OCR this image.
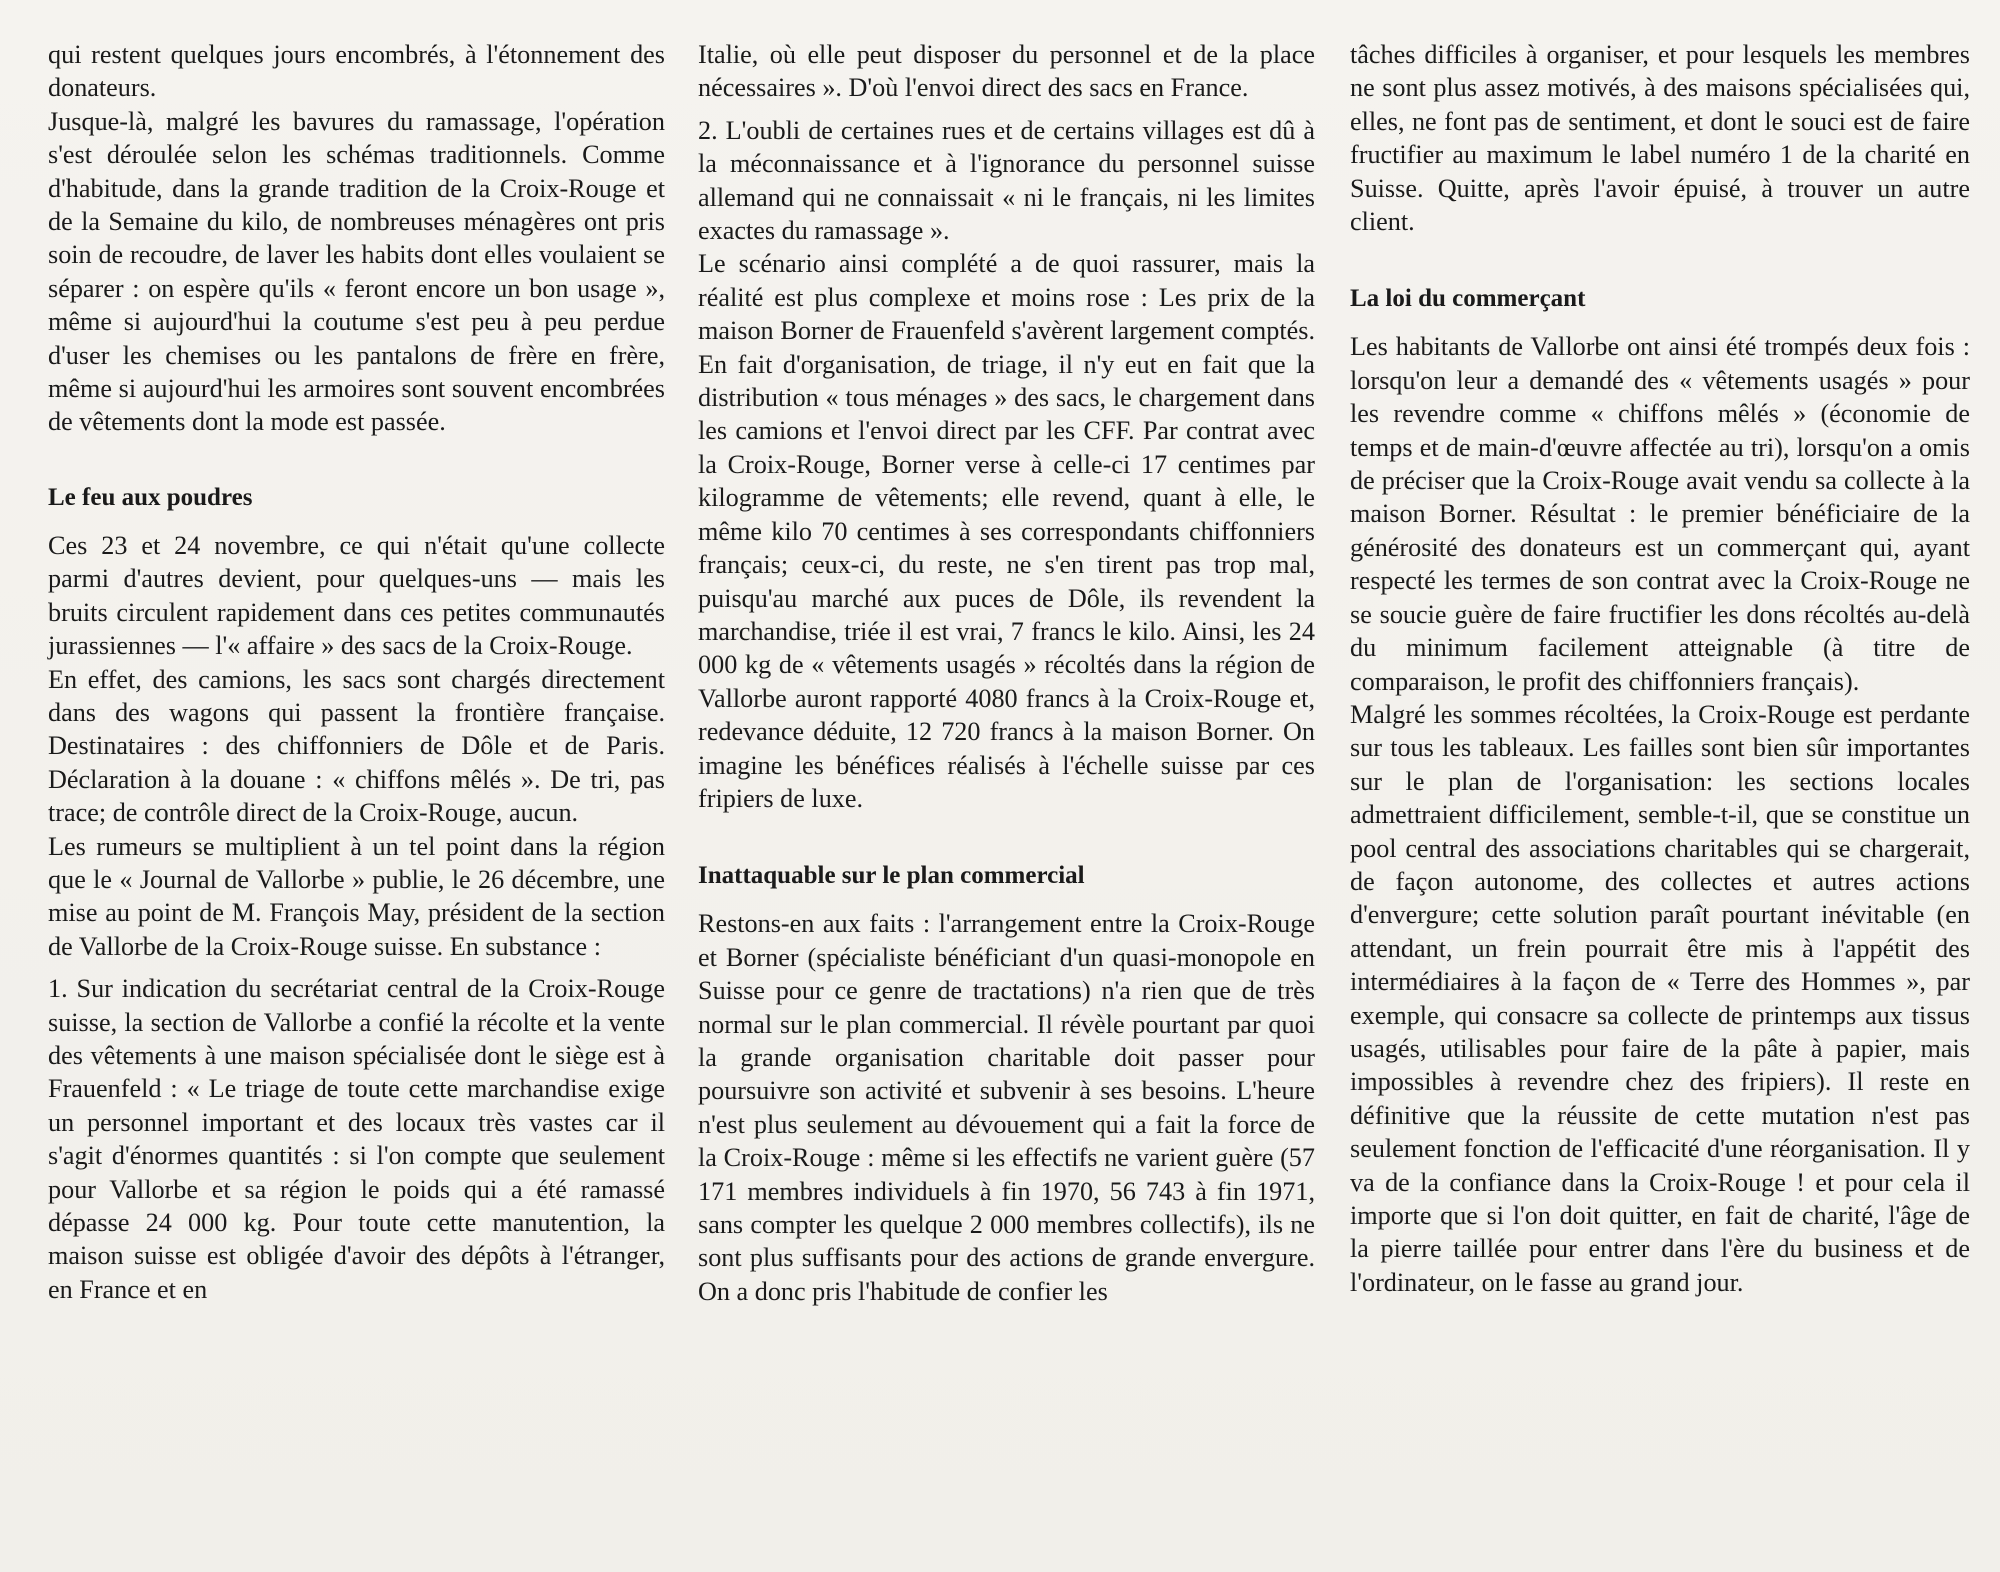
qui restent quelques jours encombrés, à l'étonnement des donateurs.

Jusque-là, malgré les bavures du ramassage, l'opération s'est déroulée selon les schémas traditionnels. Comme d'habitude, dans la grande tradition de la Croix-Rouge et de la Semaine du kilo, de nombreuses ménagères ont pris soin de recoudre, de laver les habits dont elles voulaient se séparer : on espère qu'ils « feront encore un bon usage », même si aujourd'hui la coutume s'est peu à peu perdue d'user les chemises ou les pantalons de frère en frère, même si aujourd'hui les armoires sont souvent encombrées de vêtements dont la mode est passée.

Le feu aux poudres

Ces 23 et 24 novembre, ce qui n'était qu'une collecte parmi d'autres devient, pour quelques-uns — mais les bruits circulent rapidement dans ces petites communautés jurassiennes — l'« affaire » des sacs de la Croix-Rouge.

En effet, des camions, les sacs sont chargés directement dans des wagons qui passent la frontière française. Destinataires : des chiffonniers de Dôle et de Paris. Déclaration à la douane : « chiffons mêlés ». De tri, pas trace; de contrôle direct de la Croix-Rouge, aucun.

Les rumeurs se multiplient à un tel point dans la région que le « Journal de Vallorbe » publie, le 26 décembre, une mise au point de M. François May, président de la section de Vallorbe de la Croix-Rouge suisse. En substance :

1. Sur indication du secrétariat central de la Croix-Rouge suisse, la section de Vallorbe a confié la récolte et la vente des vêtements à une maison spécialisée dont le siège est à Frauenfeld : « Le triage de toute cette marchandise exige un personnel important et des locaux très vastes car il s'agit d'énormes quantités : si l'on compte que seulement pour Vallorbe et sa région le poids qui a été ramassé dépasse 24 000 kg. Pour toute cette manutention, la maison suisse est obligée d'avoir des dépôts à l'étranger, en France et en

Italie, où elle peut disposer du personnel et de la place nécessaires ». D'où l'envoi direct des sacs en France.

2. L'oubli de certaines rues et de certains villages est dû à la méconnaissance et à l'ignorance du personnel suisse allemand qui ne connaissait « ni le français, ni les limites exactes du ramassage ».

Le scénario ainsi complété a de quoi rassurer, mais la réalité est plus complexe et moins rose : Les prix de la maison Borner de Frauenfeld s'avèrent largement comptés. En fait d'organisation, de triage, il n'y eut en fait que la distribution « tous ménages » des sacs, le chargement dans les camions et l'envoi direct par les CFF. Par contrat avec la Croix-Rouge, Borner verse à celle-ci 17 centimes par kilogramme de vêtements; elle revend, quant à elle, le même kilo 70 centimes à ses correspondants chiffonniers français; ceux-ci, du reste, ne s'en tirent pas trop mal, puisqu'au marché aux puces de Dôle, ils revendent la marchandise, triée il est vrai, 7 francs le kilo. Ainsi, les 24 000 kg de « vêtements usagés » récoltés dans la région de Vallorbe auront rapporté 4080 francs à la Croix-Rouge et, redevance déduite, 12 720 francs à la maison Borner. On imagine les bénéfices réalisés à l'échelle suisse par ces fripiers de luxe.

Inattaquable sur le plan commercial

Restons-en aux faits : l'arrangement entre la Croix-Rouge et Borner (spécialiste bénéficiant d'un quasi-monopole en Suisse pour ce genre de tractations) n'a rien que de très normal sur le plan commercial. Il révèle pourtant par quoi la grande organisation charitable doit passer pour poursuivre son activité et subvenir à ses besoins. L'heure n'est plus seulement au dévouement qui a fait la force de la Croix-Rouge : même si les effectifs ne varient guère (57 171 membres individuels à fin 1970, 56 743 à fin 1971, sans compter les quelque 2 000 membres collectifs), ils ne sont plus suffisants pour des actions de grande envergure. On a donc pris l'habitude de confier les

tâches difficiles à organiser, et pour lesquels les membres ne sont plus assez motivés, à des maisons spécialisées qui, elles, ne font pas de sentiment, et dont le souci est de faire fructifier au maximum le label numéro 1 de la charité en Suisse. Quitte, après l'avoir épuisé, à trouver un autre client.

La loi du commerçant

Les habitants de Vallorbe ont ainsi été trompés deux fois : lorsqu'on leur a demandé des « vêtements usagés » pour les revendre comme « chiffons mêlés » (économie de temps et de main-d'œuvre affectée au tri), lorsqu'on a omis de préciser que la Croix-Rouge avait vendu sa collecte à la maison Borner. Résultat : le premier bénéficiaire de la générosité des donateurs est un commerçant qui, ayant respecté les termes de son contrat avec la Croix-Rouge ne se soucie guère de faire fructifier les dons récoltés au-delà du minimum facilement atteignable (à titre de comparaison, le profit des chiffonniers français).

Malgré les sommes récoltées, la Croix-Rouge est perdante sur tous les tableaux. Les failles sont bien sûr importantes sur le plan de l'organisation: les sections locales admettraient difficilement, semble-t-il, que se constitue un pool central des associations charitables qui se chargerait, de façon autonome, des collectes et autres actions d'envergure; cette solution paraît pourtant inévitable (en attendant, un frein pourrait être mis à l'appétit des intermédiaires à la façon de « Terre des Hommes », par exemple, qui consacre sa collecte de printemps aux tissus usagés, utilisables pour faire de la pâte à papier, mais impossibles à revendre chez des fripiers). Il reste en définitive que la réussite de cette mutation n'est pas seulement fonction de l'efficacité d'une réorganisation. Il y va de la confiance dans la Croix-Rouge ! et pour cela il importe que si l'on doit quitter, en fait de charité, l'âge de la pierre taillée pour entrer dans l'ère du business et de l'ordinateur, on le fasse au grand jour.
